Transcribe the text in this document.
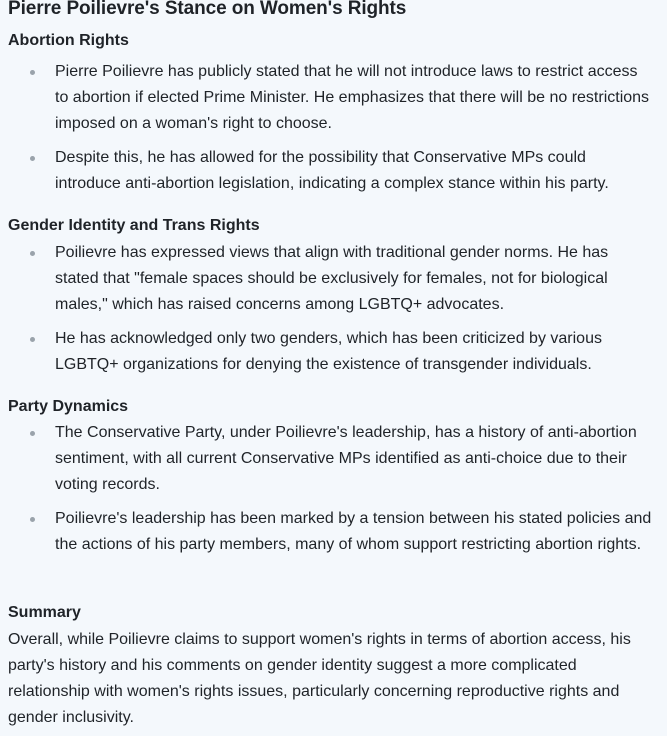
Pierre Poilievre's Stance on Women's Rights
Abortion Rights
Pierre Poilievre has publicly stated that he will not introduce laws to restrict access to abortion if elected Prime Minister. He emphasizes that there will be no restrictions imposed on a woman's right to choose.
Despite this, he has allowed for the possibility that Conservative MPs could introduce anti-abortion legislation, indicating a complex stance within his party.
Gender Identity and Trans Rights
Poilievre has expressed views that align with traditional gender norms. He has stated that "female spaces should be exclusively for females, not for biological males," which has raised concerns among LGBTQ+ advocates.
He has acknowledged only two genders, which has been criticized by various LGBTQ+ organizations for denying the existence of transgender individuals.
Party Dynamics
The Conservative Party, under Poilievre's leadership, has a history of anti-abortion sentiment, with all current Conservative MPs identified as anti-choice due to their voting records.
Poilievre's leadership has been marked by a tension between his stated policies and the actions of his party members, many of whom support restricting abortion rights.
Summary

Overall, while Poilievre claims to support women's rights in terms of abortion access, his party's history and his comments on gender identity suggest a more complicated relationship with women's rights issues, particularly concerning reproductive rights and gender inclusivity.
